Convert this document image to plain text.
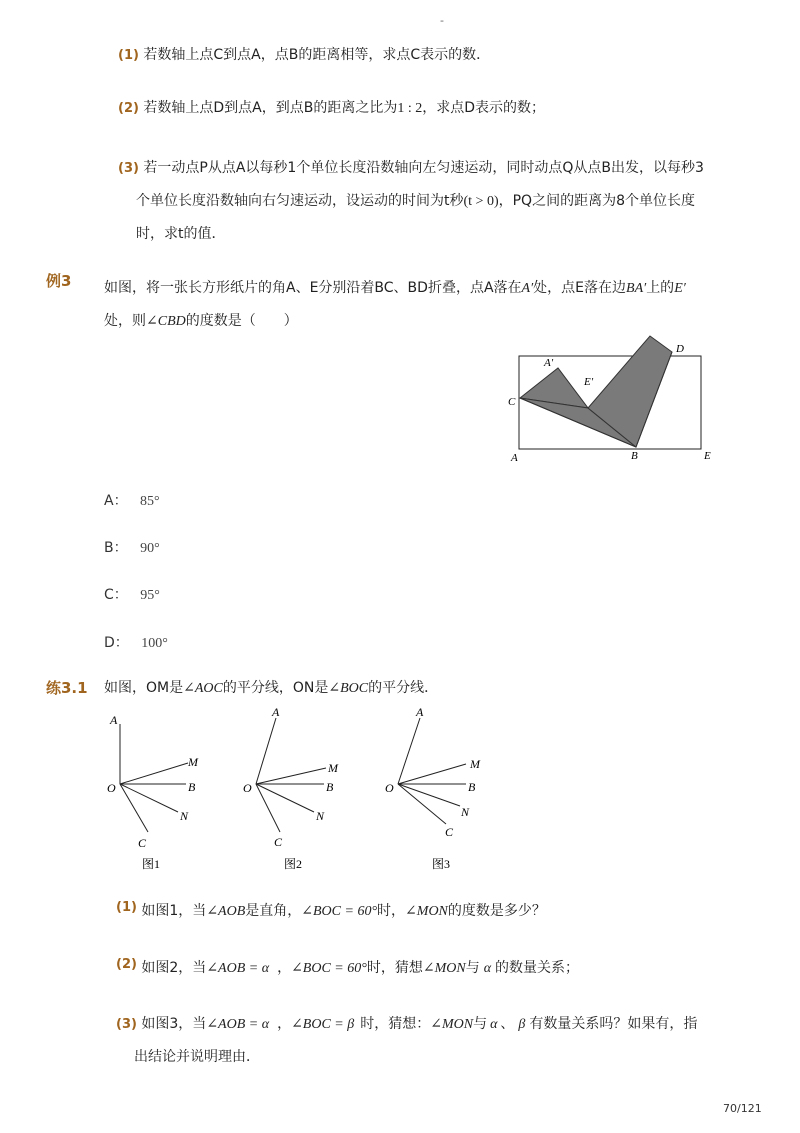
-
(1) 若数轴上点C到点A，点B的距离相等，求点C表示的数．
(2) 若数轴上点D到点A，到点B的距离之比为1 : 2，求点D表示的数；
(3) 若一动点P从点A以每秒1个单位长度沿数轴向左匀速运动，同时动点Q从点B出发，以每秒3
个单位长度沿数轴向右匀速运动，设运动的时间为t秒(t > 0)，PQ之间的距离为8个单位长度
时，求t的值．
例3 如图，将一张长方形纸片的角A、E分别沿着BC、BD折叠，点A落在A′处，点E落在边BA′上的E′
处，则∠CBD的度数是（　　）
A′
E′
D
C
A	B	E
A： 85°
B： 90°
C： 95°
D： 100°
练3.1 如图，OM是∠AOC的平分线，ON是∠BOC的平分线．
A
M
O	B
N
C
图1
A
M
O	B
N
C
图2
A
M
O	B
N
C
图3
(1) 如图1，当∠AOB是直角，∠BOC = 60°时，∠MON的度数是多少？
(2) 如图2，当∠AOB = α ，∠BOC = 60°时，猜想∠MON与 α 的数量关系；
(3) 如图3，当∠AOB = α ，∠BOC = β 时，猜想：∠MON与 α 、 β 有数量关系吗？如果有，指
出结论并说明理由．
70/121
